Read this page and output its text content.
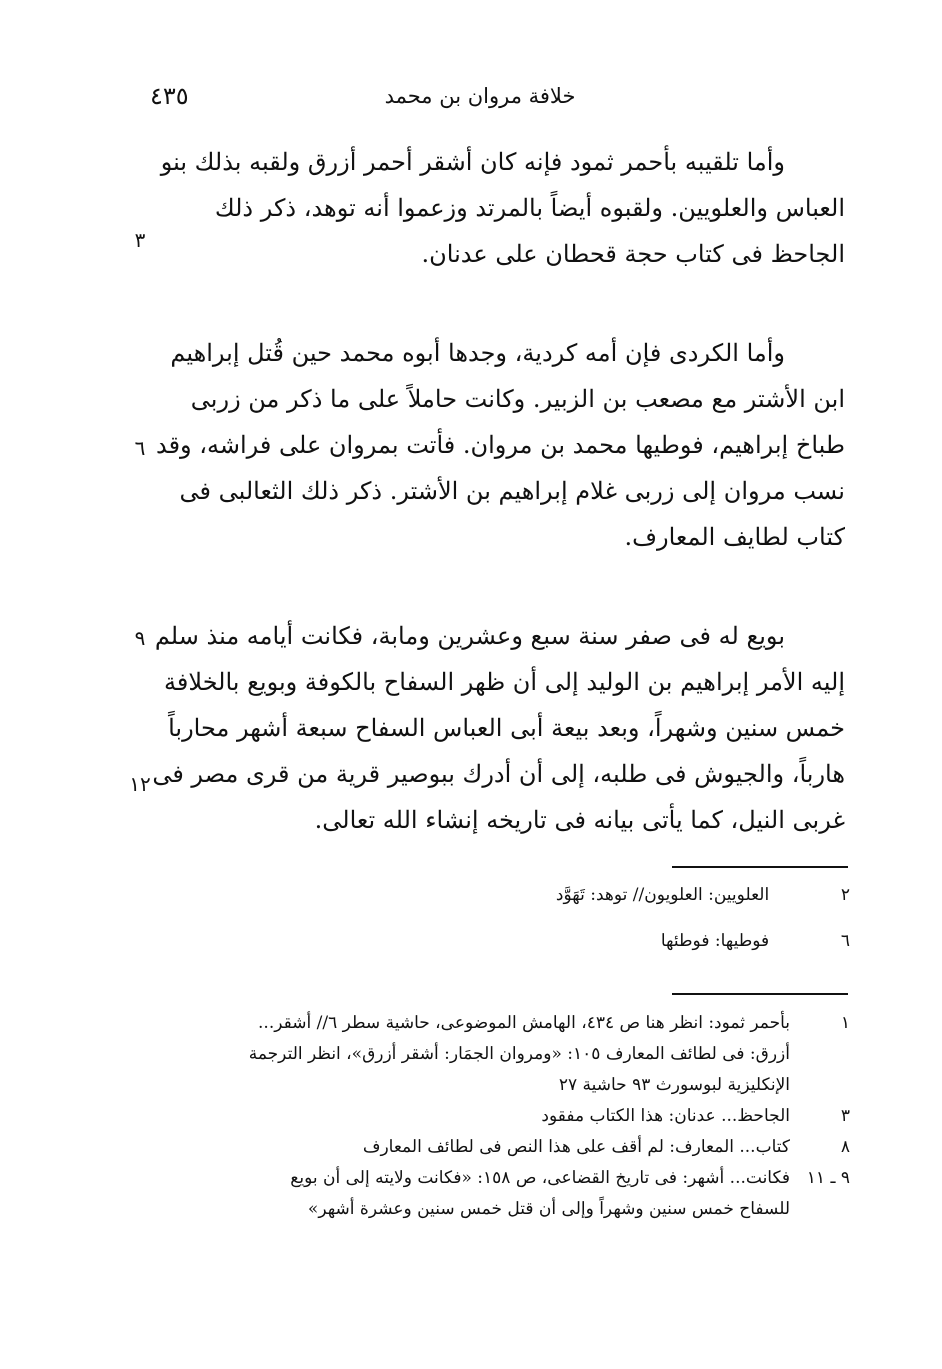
خلافة مروان بن محمد
٤٣٥
وأما تلقيبه بأحمر ثمود فإنه كان أشقر أحمر أزرق ولقبه بذلك بنو
العباس والعلويين. ولقبوه أيضاً بالمرتد وزعموا أنه توهد، ذكر ذلك
الجاحظ فى كتاب حجة قحطان على عدنان.
٣
وأما الكردى فإن أمه كردية، وجدها أبوه محمد حين قُتل إبراهيم
ابن الأشتر مع مصعب بن الزبير. وكانت حاملاً على ما ذكر من زربى
طباخ إبراهيم، فوطيها محمد بن مروان. فأتت بمروان على فراشه، وقد
نسب مروان إلى زربى غلام إبراهيم بن الأشتر. ذكر ذلك الثعالبى فى
كتاب لطايف المعارف.
٦
بويع له فى صفر سنة سبع وعشرين ومابة، فكانت أيامه منذ سلم
إليه الأمر إبراهيم بن الوليد إلى أن ظهر السفاح بالكوفة وبويع بالخلافة
خمس سنين وشهراً، وبعد بيعة أبى العباس السفاح سبعة أشهر محارباً
هارباً، والجيوش فى طلبه، إلى أن أدرك ببوصير قرية من قرى مصر فى
غربى النيل، كما يأتى بيانه فى تاريخه إنشاء الله تعالى.
٩
١٢
٢  العلويين: العلويون// توهد: تَهَوَّد
٦  فوطيها: فوطئها
١
بأحمر ثمود: انظر هنا ص ٤٣٤، الهامش الموضوعى، حاشية سطر ٦// أشقر...
أزرق: فى لطائف المعارف ١٠٥: «ومروان الجمَار: أشقر أزرق»، انظر الترجمة
الإنكليزية لبوسورث ٩٣ حاشية ٢٧
٣
الجاحظ... عدنان: هذا الكتاب مفقود
٨
كتاب... المعارف: لم أقف على هذا النص فى لطائف المعارف
٩ ـ ١١
فكانت... أشهر: فى تاريخ القضاعى، ص ١٥٨: «فكانت ولايته إلى أن بويع
للسفاح خمس سنين وشهراً وإلى أن قتل خمس سنين وعشرة أشهر»
